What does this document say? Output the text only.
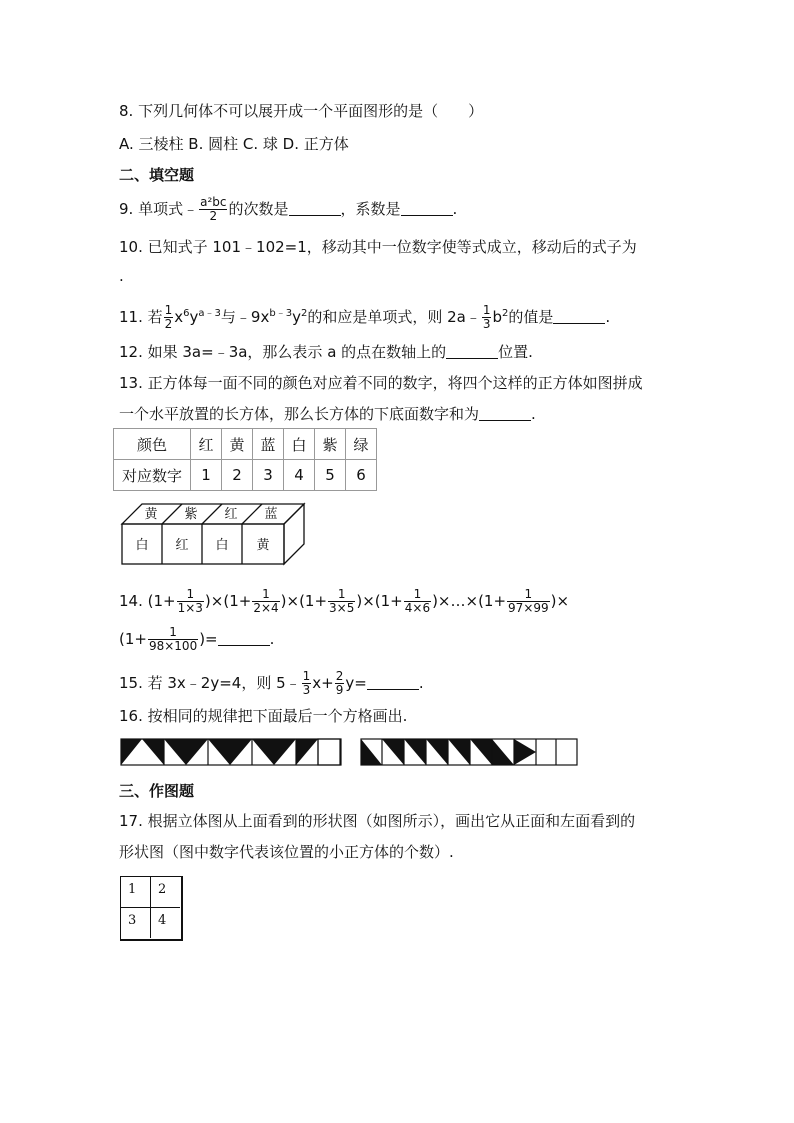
8. 下列几何体不可以展开成一个平面图形的是（　　）
A. 三棱柱 B. 圆柱 C. 球 D. 正方体
二、填空题
9. 单项式﹣ $\frac{\text{a²bc}}{2}$ 的次数是	，系数是	.
10. 已知式子 101﹣102=1，移动其中一位数字使等式成立，移动后的式子为
.
11. 若 $\frac{1}{2} x^6y^{a﹣3}$与$﹣9x^{b﹣3}y^2$的和应是单项式，则 2a﹣ $\frac{1}{3} b^2$的值是	.
12. 如果 3a=﹣3a，那么表示 a 的点在数轴上的	位置.
13. 正方体每一面不同的颜色对应着不同的数字，将四个这样的正方体如图拼成
一个水平放置的长方体，那么长方体的下底面数字和为	.
颜色	红	黄	蓝	白	紫	绿
对应数字	1	2	3	4	5	6
黄 紫 红 蓝
白 红 白 黄
14. $(1+ \frac{1}{1\times 3} )\times(1+ \frac{1}{2\times 4} )\times(1+ \frac{1}{3\times 5} )\times(1+ \frac{1}{4\times 6}$ )×…×(1+ $\frac{1}{97\times 99}$ )×
($1+ \frac{1}{98\times 100}$ )=	.
15. 若 3x﹣2y=4，则 5﹣ $\frac{1}{3} x+ \frac{2}{9} y=$	.
16. 按相同的规律把下面最后一个方格画出.
三、作图题
17. 根据立体图从上面看到的形状图（如图所示），画出它从正面和左面看到的
形状图（图中数字代表该位置的小正方体的个数）.
1 2
3 4
